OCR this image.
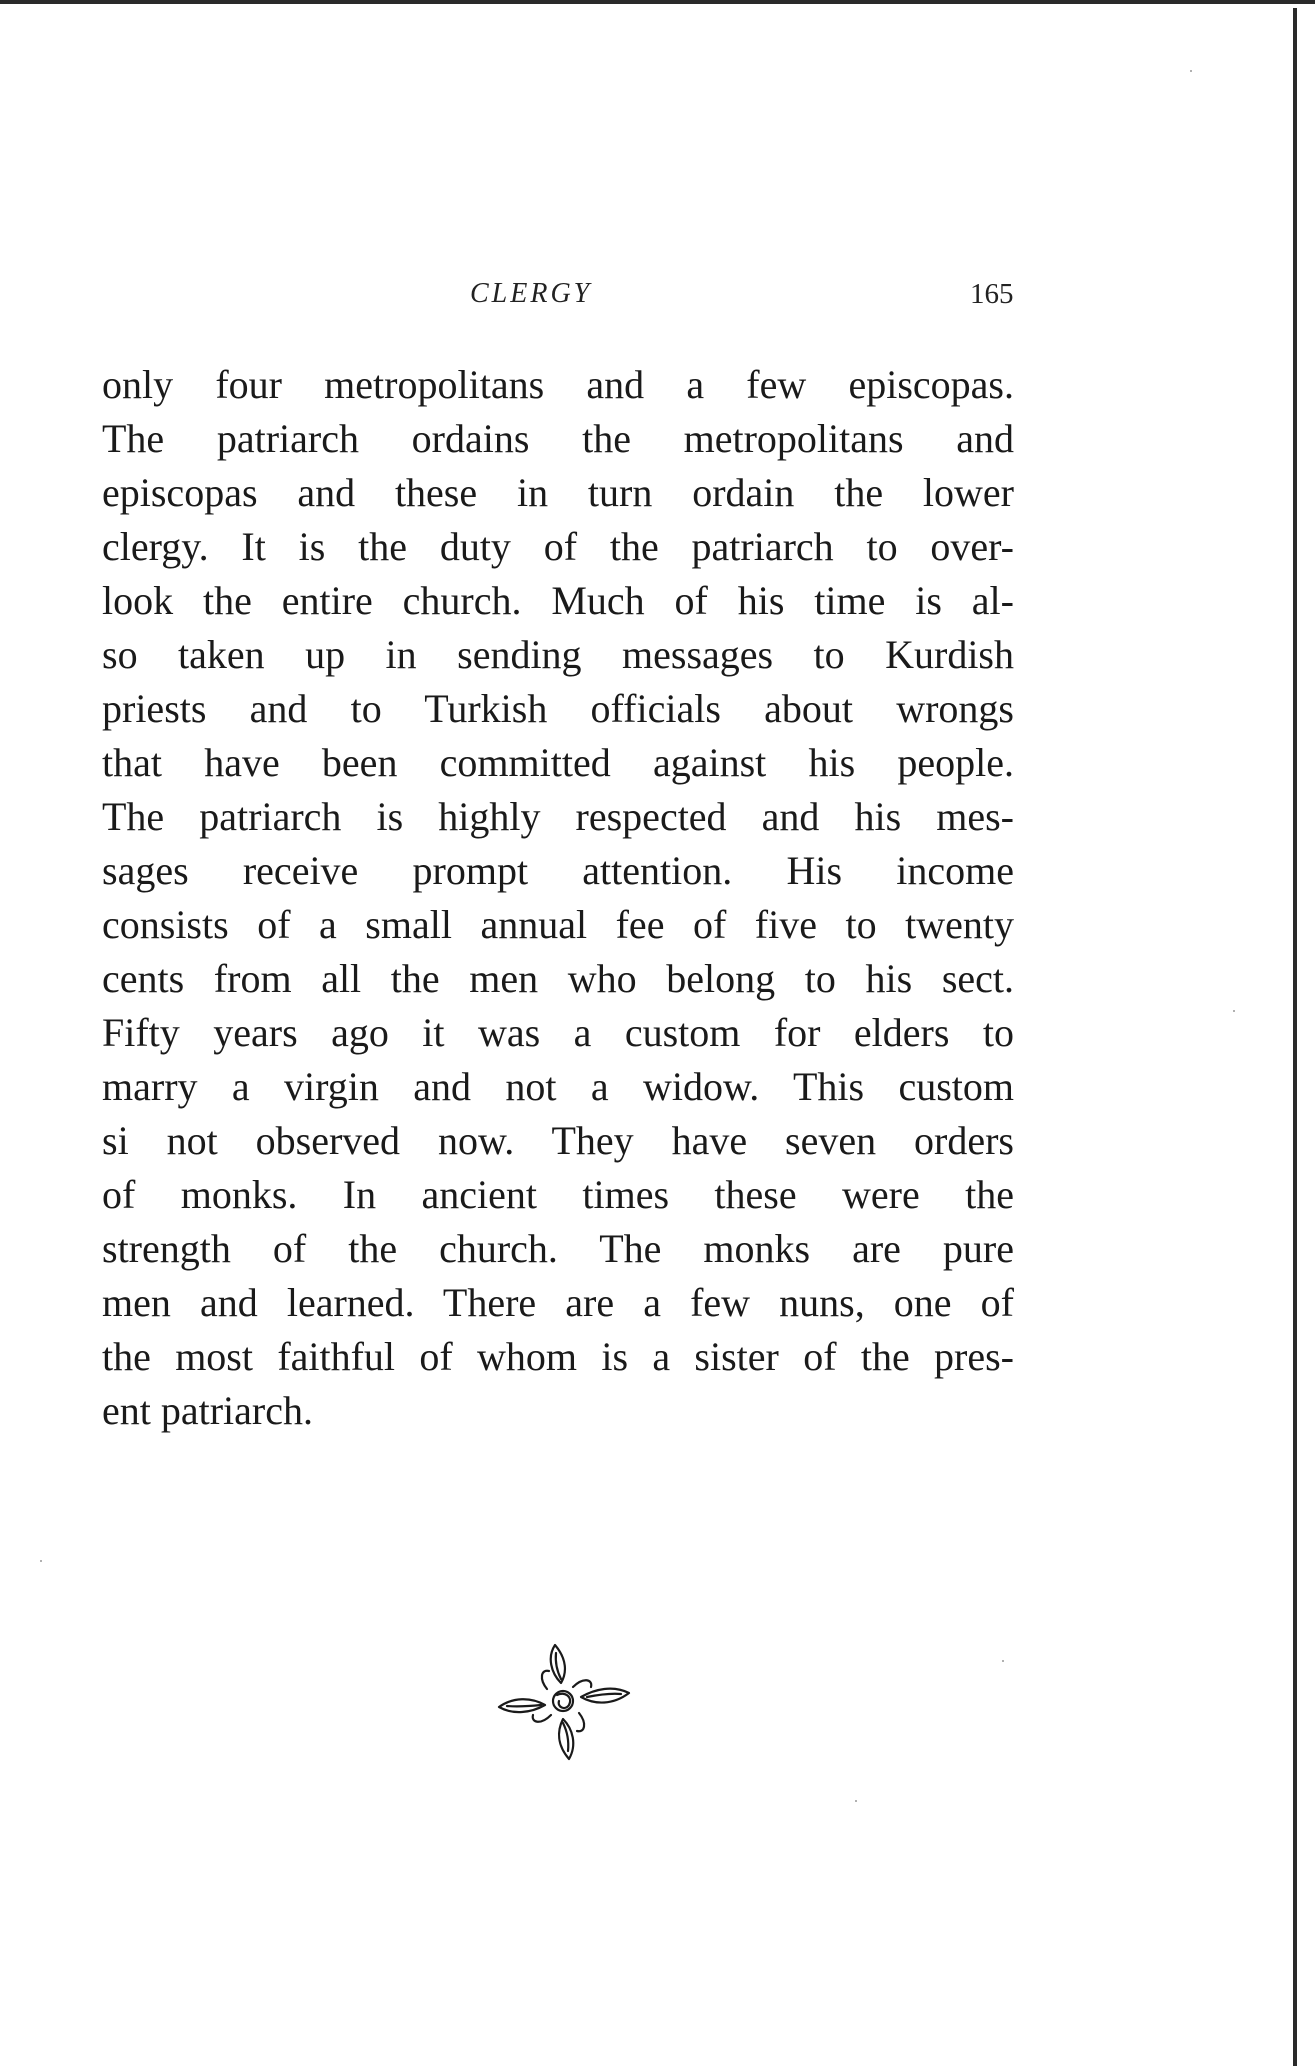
CLERGY	165
only four metropolitans and a few episcopas.
The patriarch ordains the metropolitans and
episcopas and these in turn ordain the lower
clergy. It is the duty of the patriarch to over-
look the entire church. Much of his time is al-
so taken up in sending messages to Kurdish
priests and to Turkish officials about wrongs
that have been committed against his people.
The patriarch is highly respected and his mes-
sages receive prompt attention. His income
consists of a small annual fee of five to twenty
cents from all the men who belong to his sect.
Fifty years ago it was a custom for elders to
marry a virgin and not a widow. This custom
si not observed now. They have seven orders
of monks. In ancient times these were the
strength of the church. The monks are pure
men and learned. There are a few nuns, one of
the most faithful of whom is a sister of the pres-
ent patriarch.
